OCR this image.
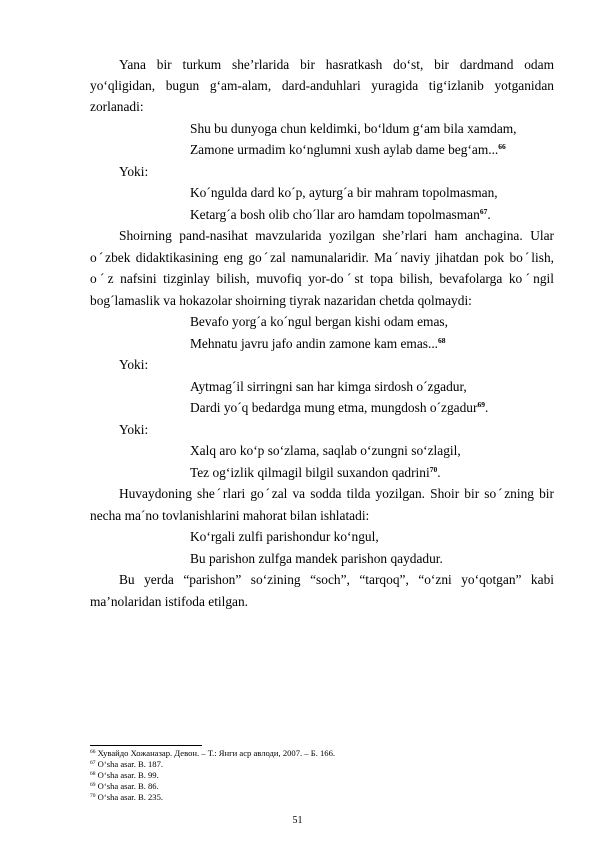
Yana bir turkum she’rlarida bir hasratkash do‘st, bir dardmand odam

yo‘qligidan, bugun g‘am-alam, dard-anduhlari yuragida tig‘izlanib yotganidan

zorlanadi:

Shu bu dunyoga chun keldimki, bo‘ldum g‘am bila xamdam,

Zamone urmadim ko‘nglumni xush aylab dame beg‘am...$^{66}$

Yoki:

Koˊngulda dard koˊp, ayturgˊa bir mahram topolmasman,

Ketargˊa bosh olib choˊllar aro hamdam topolmasman$^{67}$.

Shoirning pand-nasihat mavzularida yozilgan she’rlari ham anchagina. Ular

oˊzbek didaktikasining eng goˊzal namunalaridir. Maˊnaviy jihatdan pok boˊlish,

oˊz nafsini tizginlay bilish, muvofiq yor-doˊst topa bilish, bevafolarga koˊngil

bogˊlamaslik va hokazolar shoirning tiyrak nazaridan chetda qolmaydi:

Bevafo yorgˊa koˊngul bergan kishi odam emas,

Mehnatu javru jafo andin zamone kam emas...$^{68}$

Yoki:

Aytmagˊil sirringni san har kimga sirdosh oˊzgadur,

Dardi yoˊq bedardga mung etma, mungdosh oˊzgadur$^{69}$.

Yoki:

Xalq aro ko‘p so‘zlama, saqlab o‘zungni so‘zlagil,

Tez og‘izlik qilmagil bilgil suxandon qadrini$^{70}$.

Huvaydoning sheˊrlari goˊzal va sodda tilda yozilgan. Shoir bir soˊzning bir

necha maˊno tovlanishlarini mahorat bilan ishlatadi:

Ko‘rgali zulfi parishondur ko‘ngul,

Bu parishon zulfga mandek parishon qaydadur.

Bu yerda “parishon” so‘zining “soch”, “tarqoq”, “o‘zni yo‘qotgan” kabi

ma’nolaridan istifoda etilgan.

$^{66}$ Хувайдо Хожаназар. Девон. – Т.: Янги аср авлоди, 2007. – Б. 166.
$^{67}$ O‘sha asar. B. 187.
$^{68}$ O‘sha asar. B. 99.
$^{69}$ O‘sha asar. B. 86.
$^{70}$ O‘sha asar. B. 235.
51
